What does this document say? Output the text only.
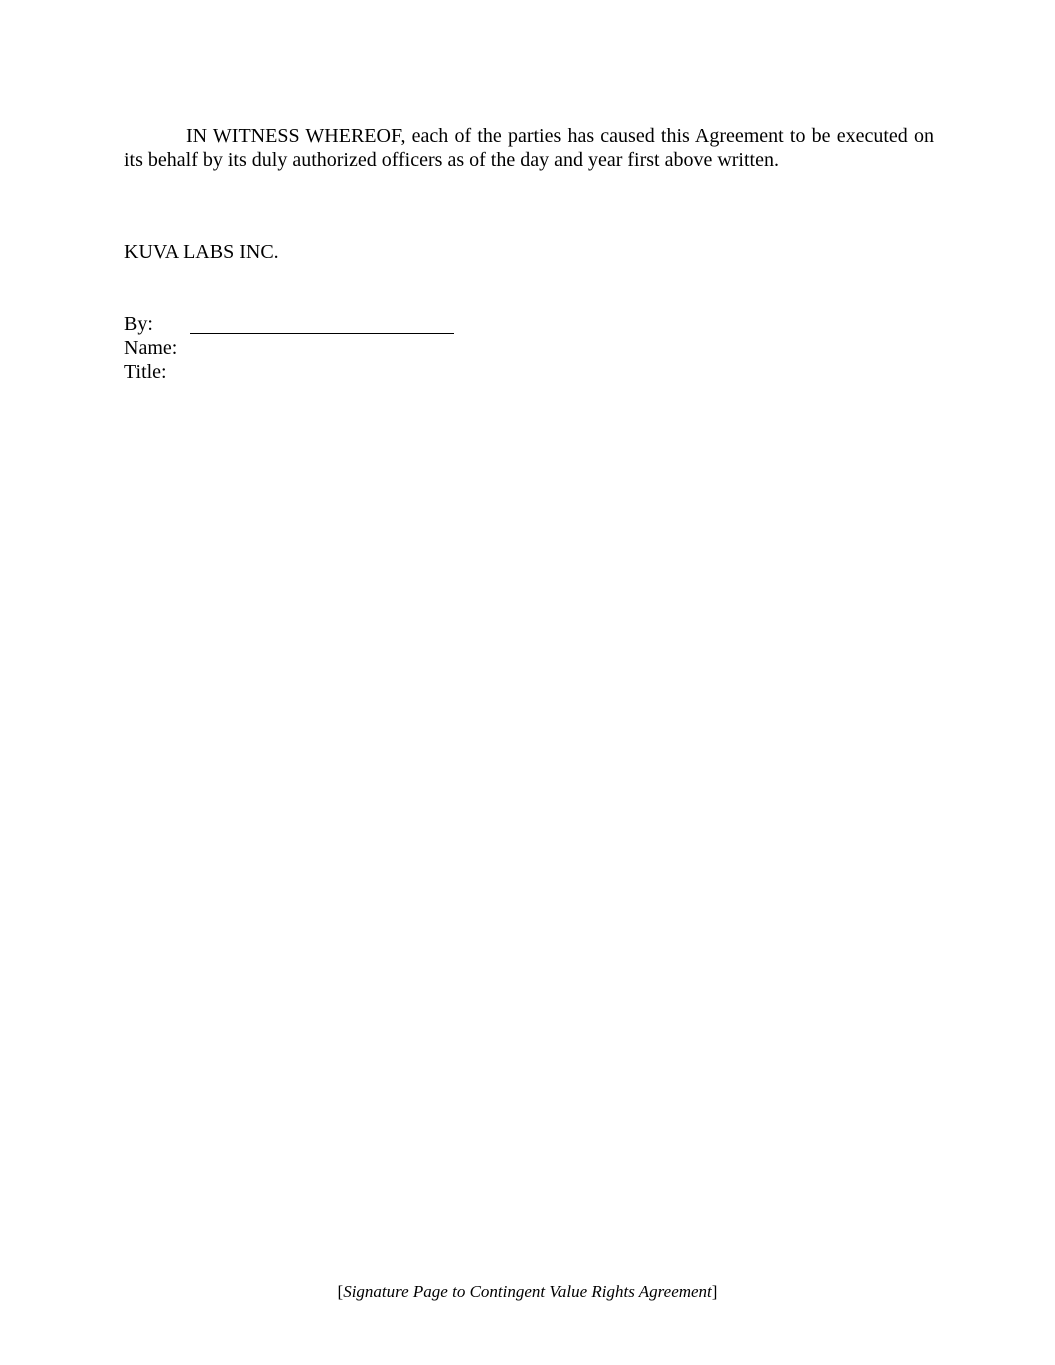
IN WITNESS WHEREOF, each of the parties has caused this Agreement to be executed on its behalf by its duly authorized officers as of the day and year first above written.

KUVA LABS INC.

By:
Name:
Title:
[Signature Page to Contingent Value Rights Agreement]
